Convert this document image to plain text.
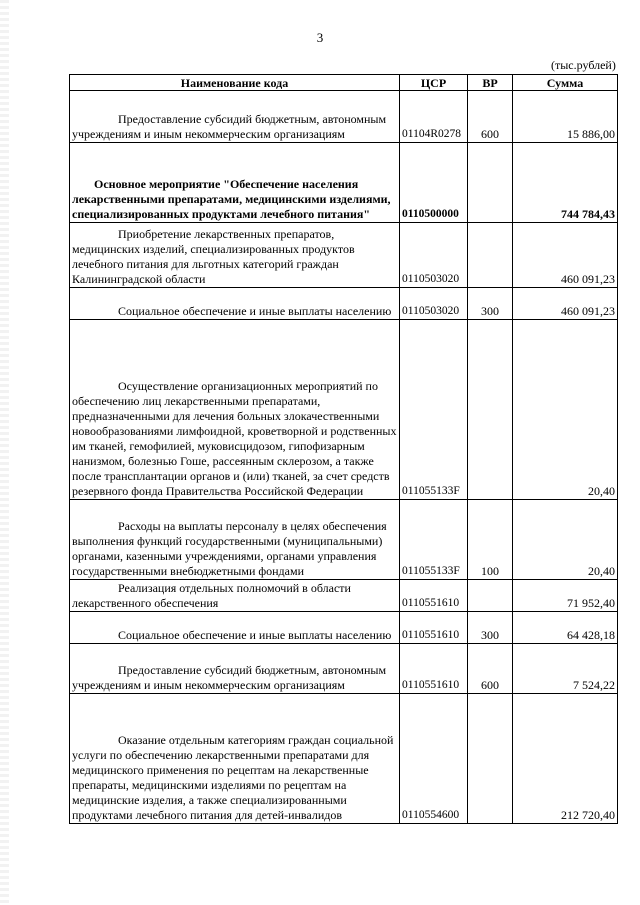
3
(тыс.рублей)
Наименование кода	ЦСР	ВР	Сумма
Предоставление субсидий бюджетным, автономным учреждениям и иным некоммерческим организациям	01104R0278	600	15 886,00
Основное мероприятие "Обеспечение населения лекарственными препаратами, медицинскими изделиями, специализированных продуктами лечебного питания"	0110500000		744 784,43
Приобретение лекарственных препаратов, медицинских изделий, специализированных продуктов лечебного питания для льготных категорий граждан Калининградской области	0110503020		460 091,23
Социальное обеспечение и иные выплаты населению	0110503020	300	460 091,23
Осуществление организационных мероприятий по обеспечению лиц лекарственными препаратами, предназначенными для лечения больных злокачественными новообразованиями лимфоидной, кроветворной и родственных им тканей, гемофилией, муковисцидозом, гипофизарным нанизмом, болезнью Гоше, рассеянным склерозом, а также после трансплантации органов и (или) тканей, за счет средств резервного фонда Правительства Российской Федерации	011055133F		20,40
Расходы на выплаты персоналу в целях обеспечения выполнения функций государственными (муниципальными) органами, казенными учреждениями, органами управления государственными внебюджетными фондами	011055133F	100	20,40
Реализация отдельных полномочий в области лекарственного обеспечения	0110551610		71 952,40
Социальное обеспечение и иные выплаты населению	0110551610	300	64 428,18
Предоставление субсидий бюджетным, автономным учреждениям и иным некоммерческим организациям	0110551610	600	7 524,22
Оказание отдельным категориям граждан социальной услуги по обеспечению лекарственными препаратами для медицинского применения по рецептам на лекарственные препараты, медицинскими изделиями по рецептам на медицинские изделия, а также специализированными продуктами лечебного питания для детей-инвалидов	0110554600		212 720,40
